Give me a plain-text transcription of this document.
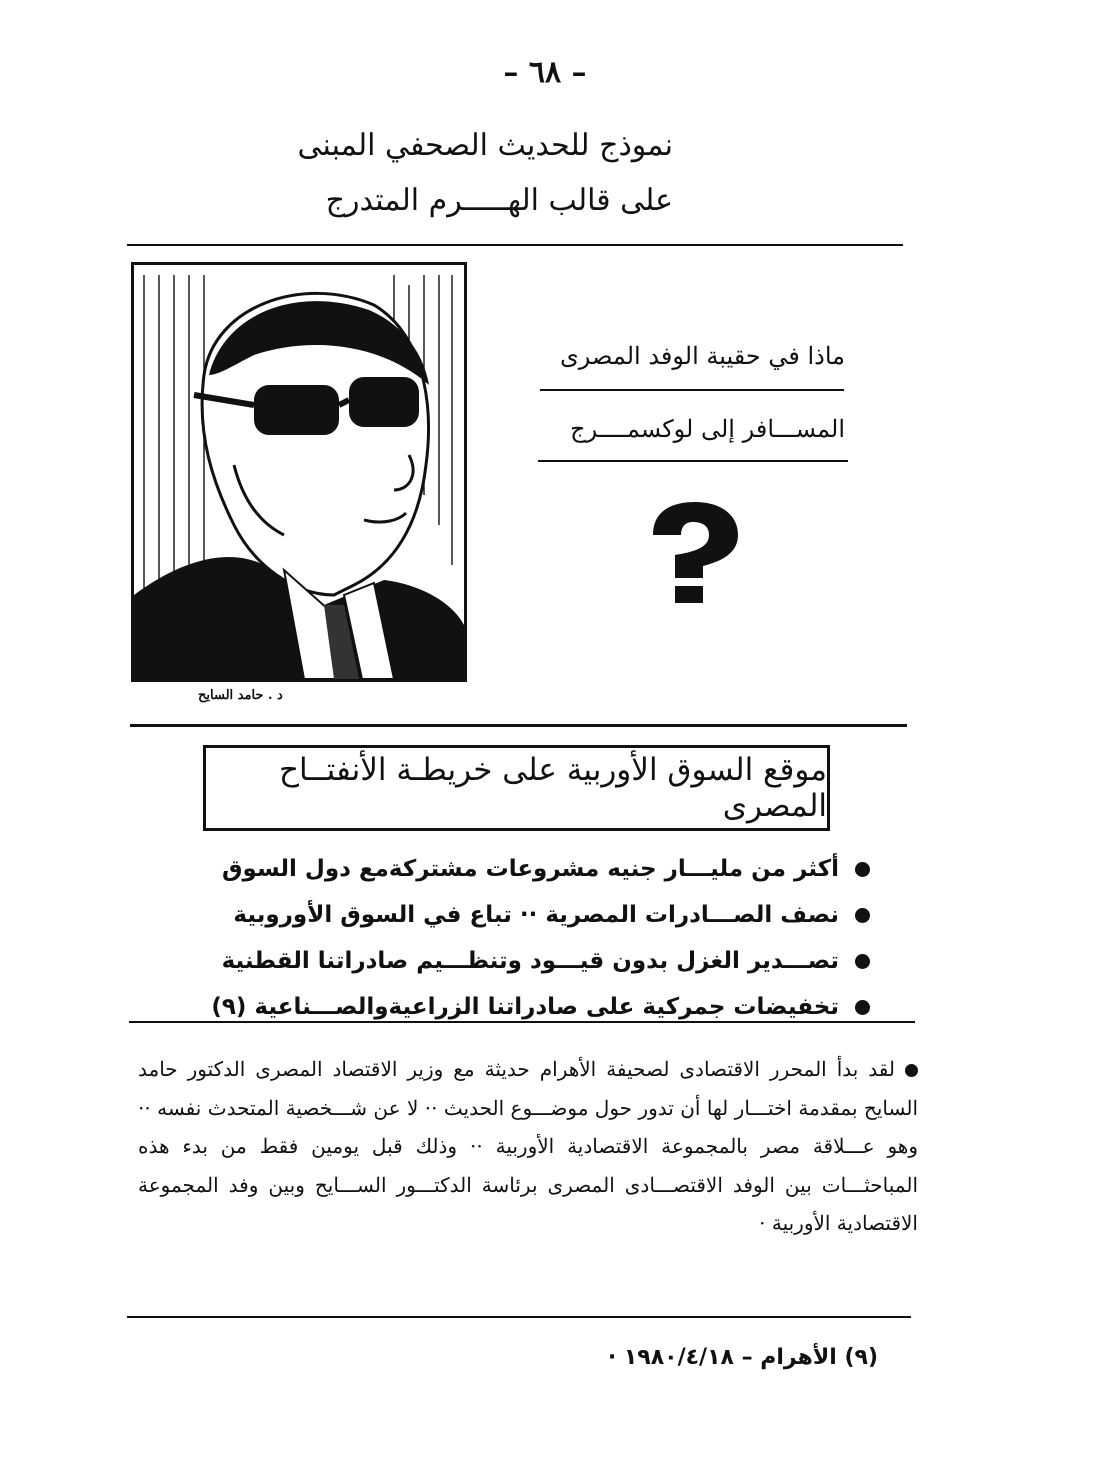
– ٦٨ –
نموذج للحديث الصحفي المبنى
على قالب الهـــــرم المتدرج
د . حامد السايح
ماذا في حقيبة الوفد المصرى
المســـافر إلى لوكسمــــرج
موقع السوق الأوربية على خريطـة الأنفتــاح المصرى
أكثر من مليـــار جنيه مشروعات مشتركةمع دول السوق
نصف الصـــادرات المصرية ·· تباع في السوق الأوروبية
تصـــدير الغزل بدون قيـــود وتنظـــيم صادراتنا القطنية
تخفيضات جمركية على صادراتنا الزراعيةوالصـــناعية (٩)
لقد بدأ المحرر الاقتصادى لصحيفة الأهرام حديثة مع وزير الاقتصاد المصرى الدكتور حامد السايح بمقدمة اختـــار لها أن تدور حول موضـــوع الحديث ·· لا عن شـــخصية المتحدث نفسه ·· وهو عـــلاقة مصر بالمجموعة الاقتصادية الأوربية ·· وذلك قبل يومين فقط من بدء هذه المباحثـــات بين الوفد الاقتصـــادى المصرى برئاسة الدكتـــور الســـايح وبين وفد المجموعة الاقتصادية الأوربية ·
(٩) الأهرام – ١٩٨٠/٤/١٨ ·
